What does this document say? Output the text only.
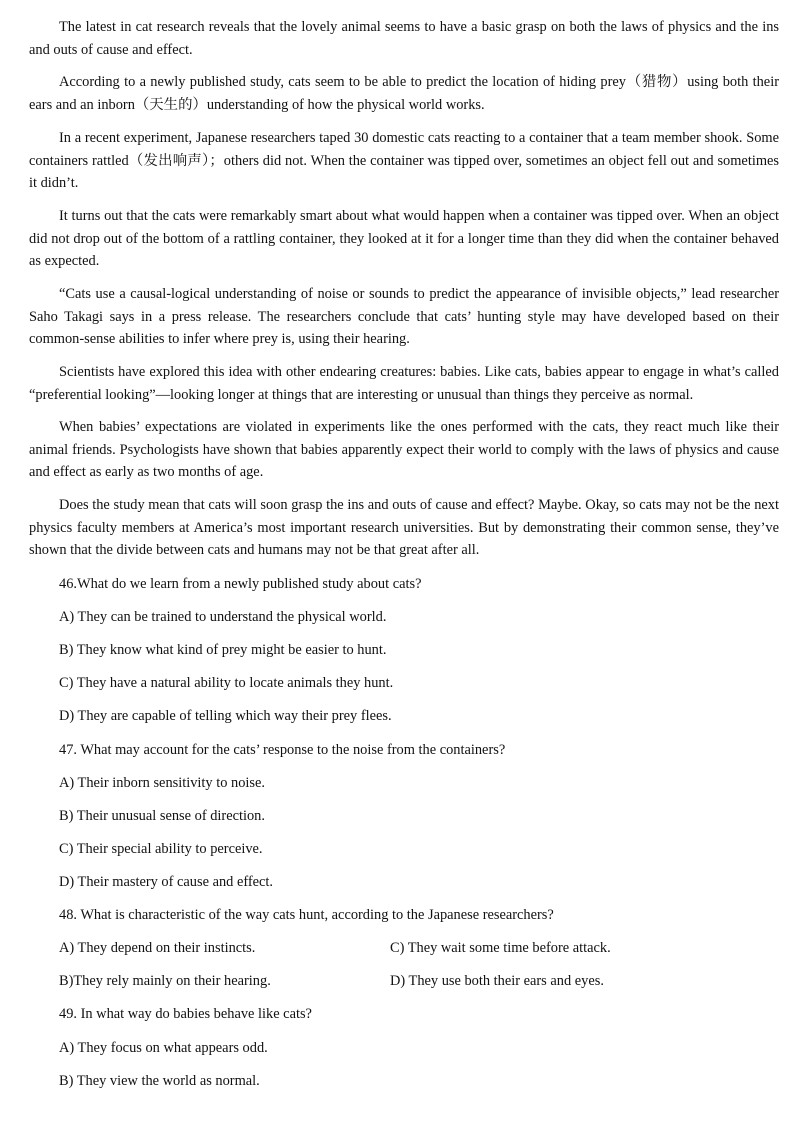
The latest in cat research reveals that the lovely animal seems to have a basic grasp on both the laws of physics and the ins and outs of cause and effect.

According to a newly published study, cats seem to be able to predict the location of hiding prey（猎物）using both their ears and an inborn（天生的）understanding of how the physical world works.

In a recent experiment, Japanese researchers taped 30 domestic cats reacting to a container that a team member shook. Some containers rattled（发出响声）；others did not. When the container was tipped over, sometimes an object fell out and sometimes it didn’t.

It turns out that the cats were remarkably smart about what would happen when a container was tipped over. When an object did not drop out of the bottom of a rattling container, they looked at it for a longer time than they did when the container behaved as expected.

“Cats use a causal-logical understanding of noise or sounds to predict the appearance of invisible objects,” lead researcher Saho Takagi says in a press release. The researchers conclude that cats’ hunting style may have developed based on their common-sense abilities to infer where prey is, using their hearing.

Scientists have explored this idea with other endearing creatures: babies. Like cats, babies appear to engage in what’s called “preferential looking”—looking longer at things that are interesting or unusual than things they perceive as normal.

When babies’ expectations are violated in experiments like the ones performed with the cats, they react much like their animal friends. Psychologists have shown that babies apparently expect their world to comply with the laws of physics and cause and effect as early as two months of age.

Does the study mean that cats will soon grasp the ins and outs of cause and effect? Maybe. Okay, so cats may not be the next physics faculty members at America’s most important research universities. But by demonstrating their common sense, they’ve shown that the divide between cats and humans may not be that great after all.

46.What do we learn from a newly published study about cats?

A) They can be trained to understand the physical world.

B) They know what kind of prey might be easier to hunt.

C) They have a natural ability to locate animals they hunt.

D) They are capable of telling which way their prey flees.

47. What may account for the cats’ response to the noise from the containers?

A) Their inborn sensitivity to noise.

B) Their unusual sense of direction.

C) Their special ability to perceive.

D) Their mastery of cause and effect.

48. What is characteristic of the way cats hunt, according to the Japanese researchers?

A) They depend on their instincts.	C) They wait some time before attack.

B)They rely mainly on their hearing.	D) They use both their ears and eyes.

49. In what way do babies behave like cats?

A) They focus on what appears odd.

B) They view the world as normal.
